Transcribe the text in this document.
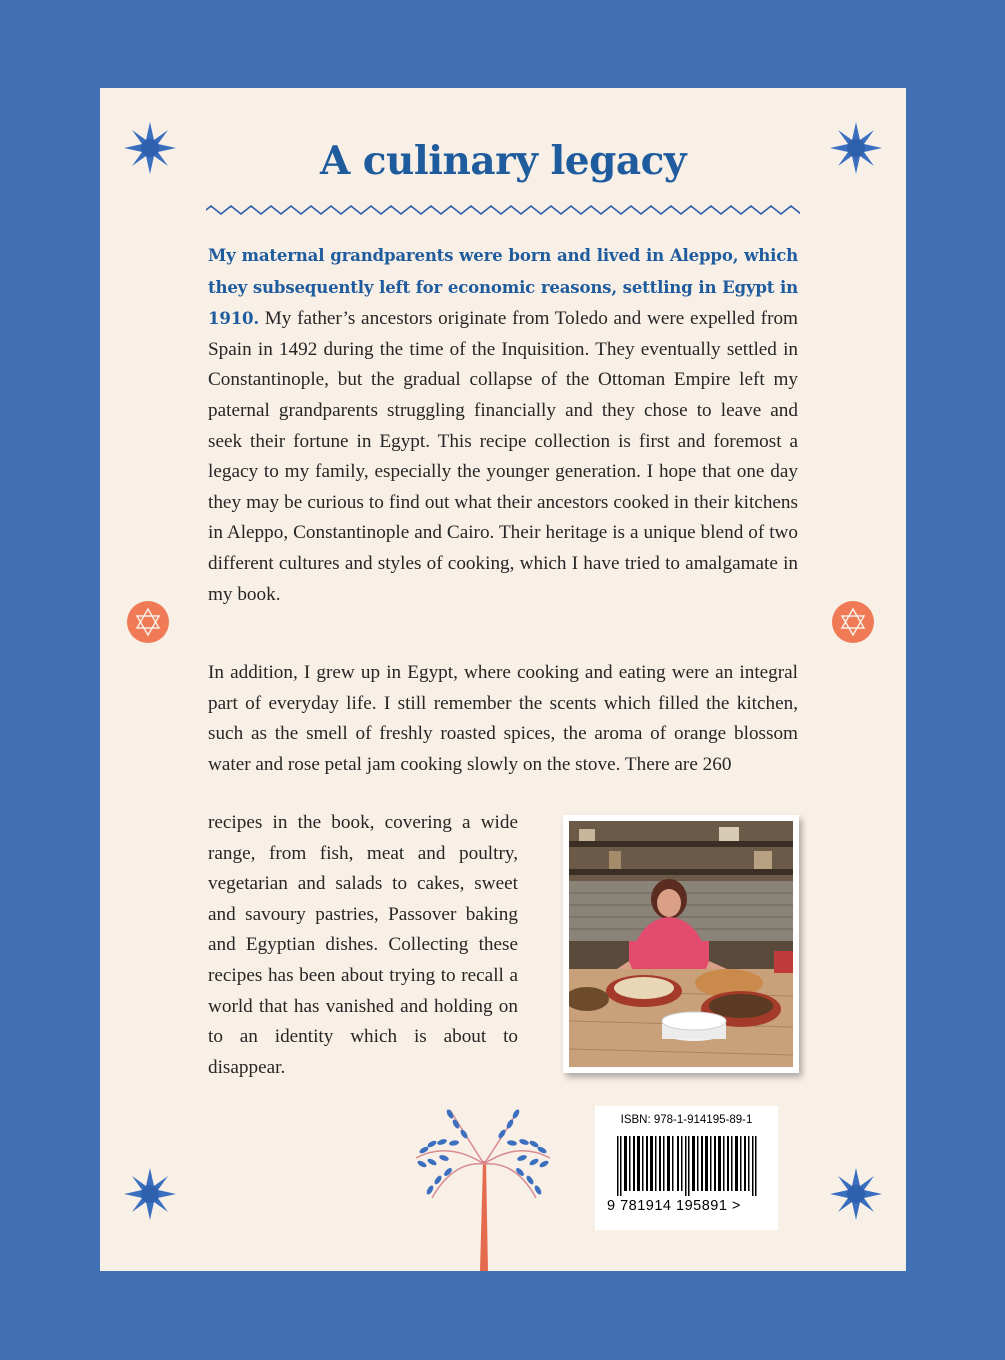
A culinary legacy

My maternal grandparents were born and lived in Aleppo, which they subsequently left for economic reasons, settling in Egypt in 1910. My father’s ancestors originate from Toledo and were expelled from Spain in 1492 during the time of the Inquisition. They eventually settled in Constantinople, but the gradual collapse of the Ottoman Empire left my paternal grandparents struggling financially and they chose to leave and seek their fortune in Egypt. This recipe collection is first and foremost a legacy to my family, especially the younger generation. I hope that one day they may be curious to find out what their ancestors cooked in their kitchens in Aleppo, Constantinople and Cairo. Their heritage is a unique blend of two different cultures and styles of cooking, which I have tried to amalgamate in my book.

In addition, I grew up in Egypt, where cooking and eating were an integral part of everyday life. I still remember the scents which filled the kitchen, such as the smell of freshly roasted spices, the aroma of orange blossom water and rose petal jam cooking slowly on the stove. There are 260

recipes in the book, covering a wide range, from fish, meat and poultry, vegetarian and salads to cakes, sweet and savoury pastries, Passover baking and Egyptian dishes. Collecting these recipes has been about trying to recall a world that has vanished and holding on to an identity which is about to disappear.

ISBN: 978-1-914195-89-1
9 781914 195891 >
